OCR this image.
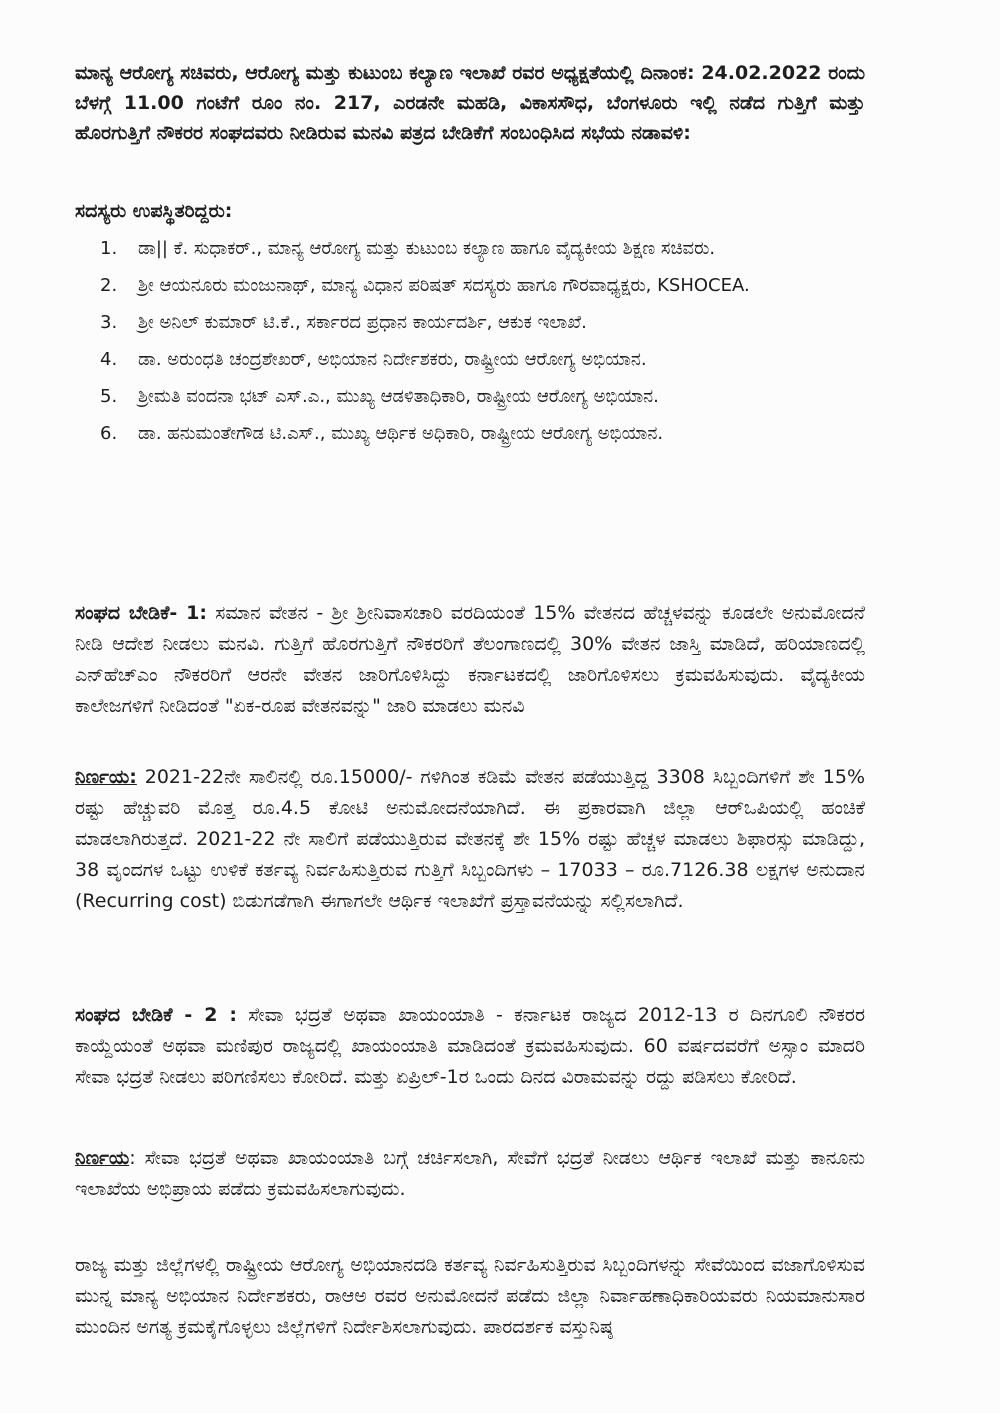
ಮಾನ್ಯ ಆರೋಗ್ಯ ಸಚಿವರು, ಆರೋಗ್ಯ ಮತ್ತು ಕುಟುಂಬ ಕಲ್ಯಾಣ ಇಲಾಖೆ ರವರ ಅಧ್ಯಕ್ಷತೆಯಲ್ಲಿ ದಿನಾಂಕ: 24.02.2022 ರಂದು ಬೆಳಗ್ಗೆ 11.00 ಗಂಟೆಗೆ ರೂಂ ನಂ. 217, ಎರಡನೇ ಮಹಡಿ, ವಿಕಾಸಸೌಧ, ಬೆಂಗಳೂರು ಇಲ್ಲಿ ನಡೆದ ಗುತ್ತಿಗೆ ಮತ್ತು ಹೊರಗುತ್ತಿಗೆ ನೌಕರರ ಸಂಘದವರು ನೀಡಿರುವ ಮನವಿ ಪತ್ರದ ಬೇಡಿಕೆಗೆ ಸಂಬಂಧಿಸಿದ ಸಭೆಯ ನಡಾವಳಿ:

ಸದಸ್ಯರು ಉಪಸ್ಥಿತರಿದ್ದರು:

1. ಡಾ|| ಕೆ. ಸುಧಾಕರ್., ಮಾನ್ಯ ಆರೋಗ್ಯ ಮತ್ತು ಕುಟುಂಬ ಕಲ್ಯಾಣ ಹಾಗೂ ವೈದ್ಯಕೀಯ ಶಿಕ್ಷಣ ಸಚಿವರು.
2. ಶ್ರೀ ಆಯನೂರು ಮಂಜುನಾಥ್, ಮಾನ್ಯ ವಿಧಾನ ಪರಿಷತ್ ಸದಸ್ಯರು ಹಾಗೂ ಗೌರವಾಧ್ಯಕ್ಷರು, KSHOCEA.
3. ಶ್ರೀ ಅನಿಲ್ ಕುಮಾರ್ ಟಿ.ಕೆ., ಸರ್ಕಾರದ ಪ್ರಧಾನ ಕಾರ್ಯದರ್ಶಿ, ಆಕುಕ ಇಲಾಖೆ.
4. ಡಾ. ಅರುಂಧತಿ ಚಂದ್ರಶೇಖರ್, ಅಭಿಯಾನ ನಿರ್ದೇಶಕರು, ರಾಷ್ಟ್ರೀಯ ಆರೋಗ್ಯ ಅಭಿಯಾನ.
5. ಶ್ರೀಮತಿ ವಂದನಾ ಭಟ್ ಎಸ್.ಎ., ಮುಖ್ಯ ಆಡಳಿತಾಧಿಕಾರಿ, ರಾಷ್ಟ್ರೀಯ ಆರೋಗ್ಯ ಅಭಿಯಾನ.
6. ಡಾ. ಹನುಮಂತೇಗೌಡ ಟಿ.ಎಸ್., ಮುಖ್ಯ ಆರ್ಥಿಕ ಅಧಿಕಾರಿ, ರಾಷ್ಟ್ರೀಯ ಆರೋಗ್ಯ ಅಭಿಯಾನ.

ಸಂಘದ ಬೇಡಿಕೆ- 1: ಸಮಾನ ವೇತನ - ಶ್ರೀ ಶ್ರೀನಿವಾಸಚಾರಿ ವರದಿಯಂತೆ 15% ವೇತನದ ಹೆಚ್ಚಳವನ್ನು ಕೂಡಲೇ ಅನುಮೋದನೆ ನೀಡಿ ಆದೇಶ ನೀಡಲು ಮನವಿ. ಗುತ್ತಿಗೆ ಹೊರಗುತ್ತಿಗೆ ನೌಕರರಿಗೆ ತೆಲಂಗಾಣದಲ್ಲಿ 30% ವೇತನ ಜಾಸ್ತಿ ಮಾಡಿದೆ, ಹರಿಯಾಣದಲ್ಲಿ ಎನ್‌ಹೆಚ್‌ಎಂ ನೌಕರರಿಗೆ ಆರನೇ ವೇತನ ಜಾರಿಗೊಳಿಸಿದ್ದು ಕರ್ನಾಟಕದಲ್ಲಿ ಜಾರಿಗೊಳಿಸಲು ಕ್ರಮವಹಿಸುವುದು. ವೈದ್ಯಕೀಯ ಕಾಲೇಜಗಳಿಗೆ ನೀಡಿದಂತೆ "ಏಕ-ರೂಪ ವೇತನವನ್ನು" ಜಾರಿ ಮಾಡಲು ಮನವಿ

ನಿರ್ಣಯ: 2021-22ನೇ ಸಾಲಿನಲ್ಲಿ ರೂ.15000/- ಗಳಿಗಿಂತ ಕಡಿಮೆ ವೇತನ ಪಡೆಯುತ್ತಿದ್ದ 3308 ಸಿಬ್ಬಂದಿಗಳಿಗೆ ಶೇ 15% ರಷ್ಟು ಹೆಚ್ಚುವರಿ ಮೊತ್ತ ರೂ.4.5 ಕೋಟಿ ಅನುಮೋದನೆಯಾಗಿದೆ. ಈ ಪ್ರಕಾರವಾಗಿ ಜಿಲ್ಲಾ ಆರ್‌ಒಪಿಯಲ್ಲಿ ಹಂಚಿಕೆ ಮಾಡಲಾಗಿರುತ್ತದೆ. 2021-22 ನೇ ಸಾಲಿಗೆ ಪಡೆಯುತ್ತಿರುವ ವೇತನಕ್ಕೆ ಶೇ 15% ರಷ್ಟು ಹೆಚ್ಚಳ ಮಾಡಲು ಶಿಫಾರಸ್ಸು ಮಾಡಿದ್ದು, 38 ವೃಂದಗಳ ಒಟ್ಟು ಉಳಿಕೆ ಕರ್ತವ್ಯ ನಿರ್ವಹಿಸುತ್ತಿರುವ ಗುತ್ತಿಗೆ ಸಿಬ್ಬಂದಿಗಳು – 17033 – ರೂ.7126.38 ಲಕ್ಷಗಳ ಅನುದಾನ (Recurring cost) ಬಿಡುಗಡೆಗಾಗಿ ಈಗಾಗಲೇ ಆರ್ಥಿಕ ಇಲಾಖೆಗೆ ಪ್ರಸ್ತಾವನೆಯನ್ನು ಸಲ್ಲಿಸಲಾಗಿದೆ.

ಸಂಘದ ಬೇಡಿಕೆ - 2 : ಸೇವಾ ಭದ್ರತೆ ಅಥವಾ ಖಾಯಂಯಾತಿ - ಕರ್ನಾಟಕ ರಾಜ್ಯದ 2012-13 ರ ದಿನಗೂಲಿ ನೌಕರರ ಕಾಯ್ದೆಯಂತೆ ಅಥವಾ ಮಣಿಪುರ ರಾಜ್ಯದಲ್ಲಿ ಖಾಯಂಯಾತಿ ಮಾಡಿದಂತೆ ಕ್ರಮವಹಿಸುವುದು. 60 ವರ್ಷದವರೆಗೆ ಅಸ್ಸಾಂ ಮಾದರಿ ಸೇವಾ ಭದ್ರತೆ ನೀಡಲು ಪರಿಗಣಿಸಲು ಕೋರಿದೆ. ಮತ್ತು ಏಪ್ರಿಲ್-1ರ ಒಂದು ದಿನದ ವಿರಾಮವನ್ನು ರದ್ದು ಪಡಿಸಲು ಕೋರಿದೆ.

ನಿರ್ಣಯ: ಸೇವಾ ಭದ್ರತೆ ಅಥವಾ ಖಾಯಂಯಾತಿ ಬಗ್ಗೆ ಚರ್ಚಿಸಲಾಗಿ, ಸೇವೆಗೆ ಭದ್ರತೆ ನೀಡಲು ಆರ್ಥಿಕ ಇಲಾಖೆ ಮತ್ತು ಕಾನೂನು ಇಲಾಖೆಯ ಅಭಿಪ್ರಾಯ ಪಡೆದು ಕ್ರಮವಹಿಸಲಾಗುವುದು.

ರಾಜ್ಯ ಮತ್ತು ಜಿಲ್ಲೆಗಳಲ್ಲಿ ರಾಷ್ಟ್ರೀಯ ಆರೋಗ್ಯ ಅಭಿಯಾನದಡಿ ಕರ್ತವ್ಯ ನಿರ್ವಹಿಸುತ್ತಿರುವ ಸಿಬ್ಬಂದಿಗಳನ್ನು ಸೇವೆಯಿಂದ ವಜಾಗೊಳಿಸುವ ಮುನ್ನ ಮಾನ್ಯ ಅಭಿಯಾನ ನಿರ್ದೇಶಕರು, ರಾಆಅ ರವರ ಅನುಮೋದನೆ ಪಡೆದು ಜಿಲ್ಲಾ ನಿರ್ವಾಹಣಾಧಿಕಾರಿಯವರು ನಿಯಮಾನುಸಾರ ಮುಂದಿನ ಅಗತ್ಯ ಕ್ರಮಕೈಗೊಳ್ಳಲು ಜಿಲ್ಲೆಗಳಿಗೆ ನಿರ್ದೇಶಿಸಲಾಗುವುದು. ಪಾರದರ್ಶಕ ವಸ್ತುನಿಷ್ಠ
